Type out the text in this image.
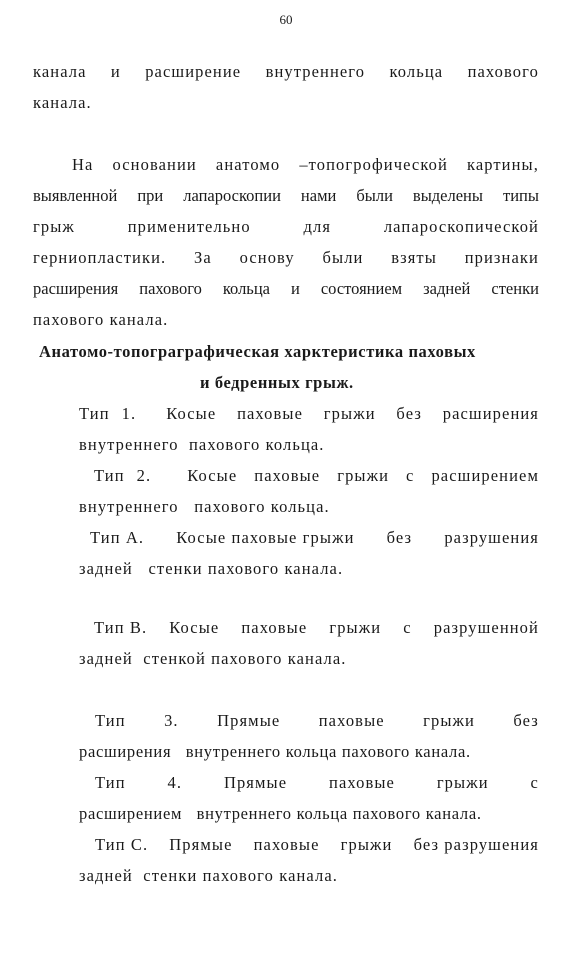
60
канала и расширение внутреннего кольца пахового
канала.
На основании анатомо –топогрофической картины,
выявленной при лапароскопии нами были выделены типы
грыж	применительно	для	лапароскопической
герниопластики. За основу были взяты признаки
расширения пахового кольца и состоянием задней стенки
пахового канала.
Анатомо-топограграфическая харктеристика паховых
и бедренных грыж.
Тип 1. Косые паховые грыжи без расширения
внутреннего  пахового кольца.
Тип 2. Косые паховые грыжи с расширением
внутреннего   пахового кольца.
Тип А. Косые паховые грыжи без разрушения
задней   стенки пахового канала.
Тип В. Косые паховые грыжи с разрушенной
задней  стенкой пахового канала.
Тип 3. Прямые паховые грыжи без
расширения   внутреннего кольца пахового канала.
Тип	4.	Прямые	паховые	грыжи	с
расширением   внутреннего кольца пахового канала.
Тип С. Прямые паховые грыжи без разрушения
задней  стенки пахового канала.
